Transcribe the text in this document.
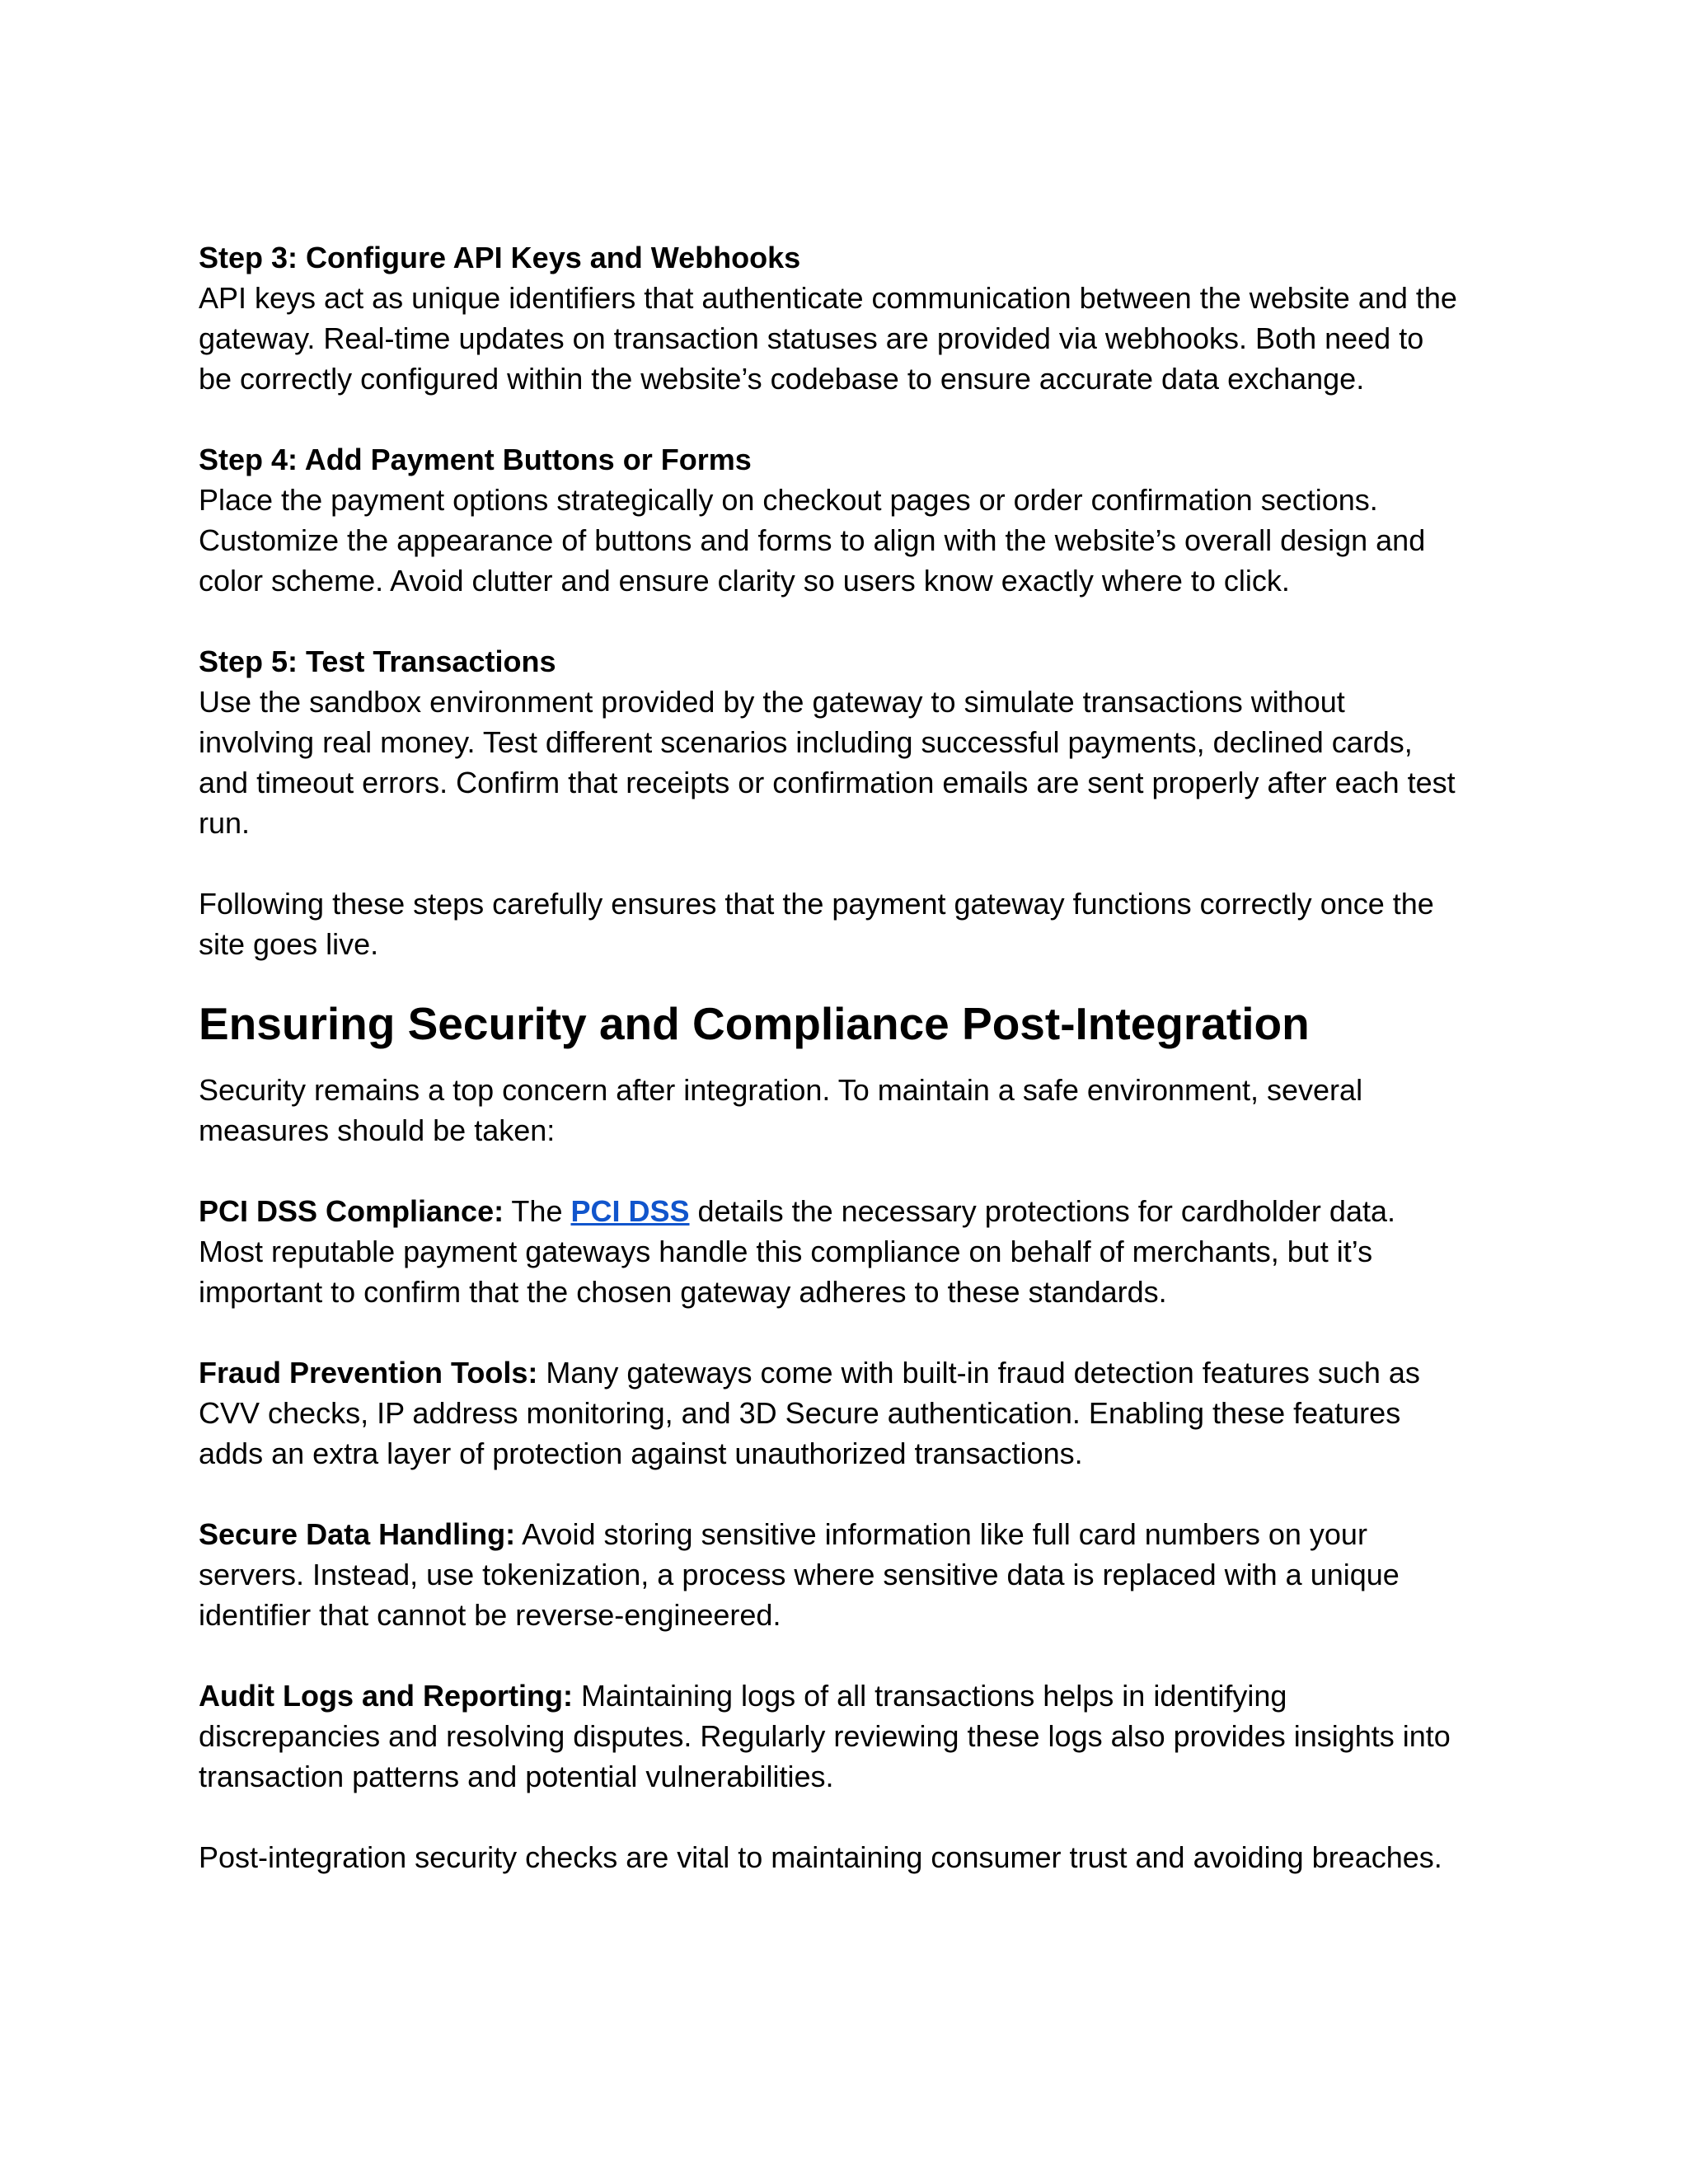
Step 3: Configure API Keys and Webhooks
API keys act as unique identifiers that authenticate communication between the website and the
gateway. Real-time updates on transaction statuses are provided via webhooks. Both need to
be correctly configured within the website’s codebase to ensure accurate data exchange.
Step 4: Add Payment Buttons or Forms
Place the payment options strategically on checkout pages or order confirmation sections.
Customize the appearance of buttons and forms to align with the website’s overall design and
color scheme. Avoid clutter and ensure clarity so users know exactly where to click.
Step 5: Test Transactions
Use the sandbox environment provided by the gateway to simulate transactions without
involving real money. Test different scenarios including successful payments, declined cards,
and timeout errors. Confirm that receipts or confirmation emails are sent properly after each test
run.
Following these steps carefully ensures that the payment gateway functions correctly once the
site goes live.
Ensuring Security and Compliance Post-Integration
Security remains a top concern after integration. To maintain a safe environment, several
measures should be taken:
PCI DSS Compliance: The PCI DSS details the necessary protections for cardholder data.
Most reputable payment gateways handle this compliance on behalf of merchants, but it’s
important to confirm that the chosen gateway adheres to these standards.
Fraud Prevention Tools: Many gateways come with built-in fraud detection features such as
CVV checks, IP address monitoring, and 3D Secure authentication. Enabling these features
adds an extra layer of protection against unauthorized transactions.
Secure Data Handling: Avoid storing sensitive information like full card numbers on your
servers. Instead, use tokenization, a process where sensitive data is replaced with a unique
identifier that cannot be reverse-engineered.
Audit Logs and Reporting: Maintaining logs of all transactions helps in identifying
discrepancies and resolving disputes. Regularly reviewing these logs also provides insights into
transaction patterns and potential vulnerabilities.
Post-integration security checks are vital to maintaining consumer trust and avoiding breaches.
